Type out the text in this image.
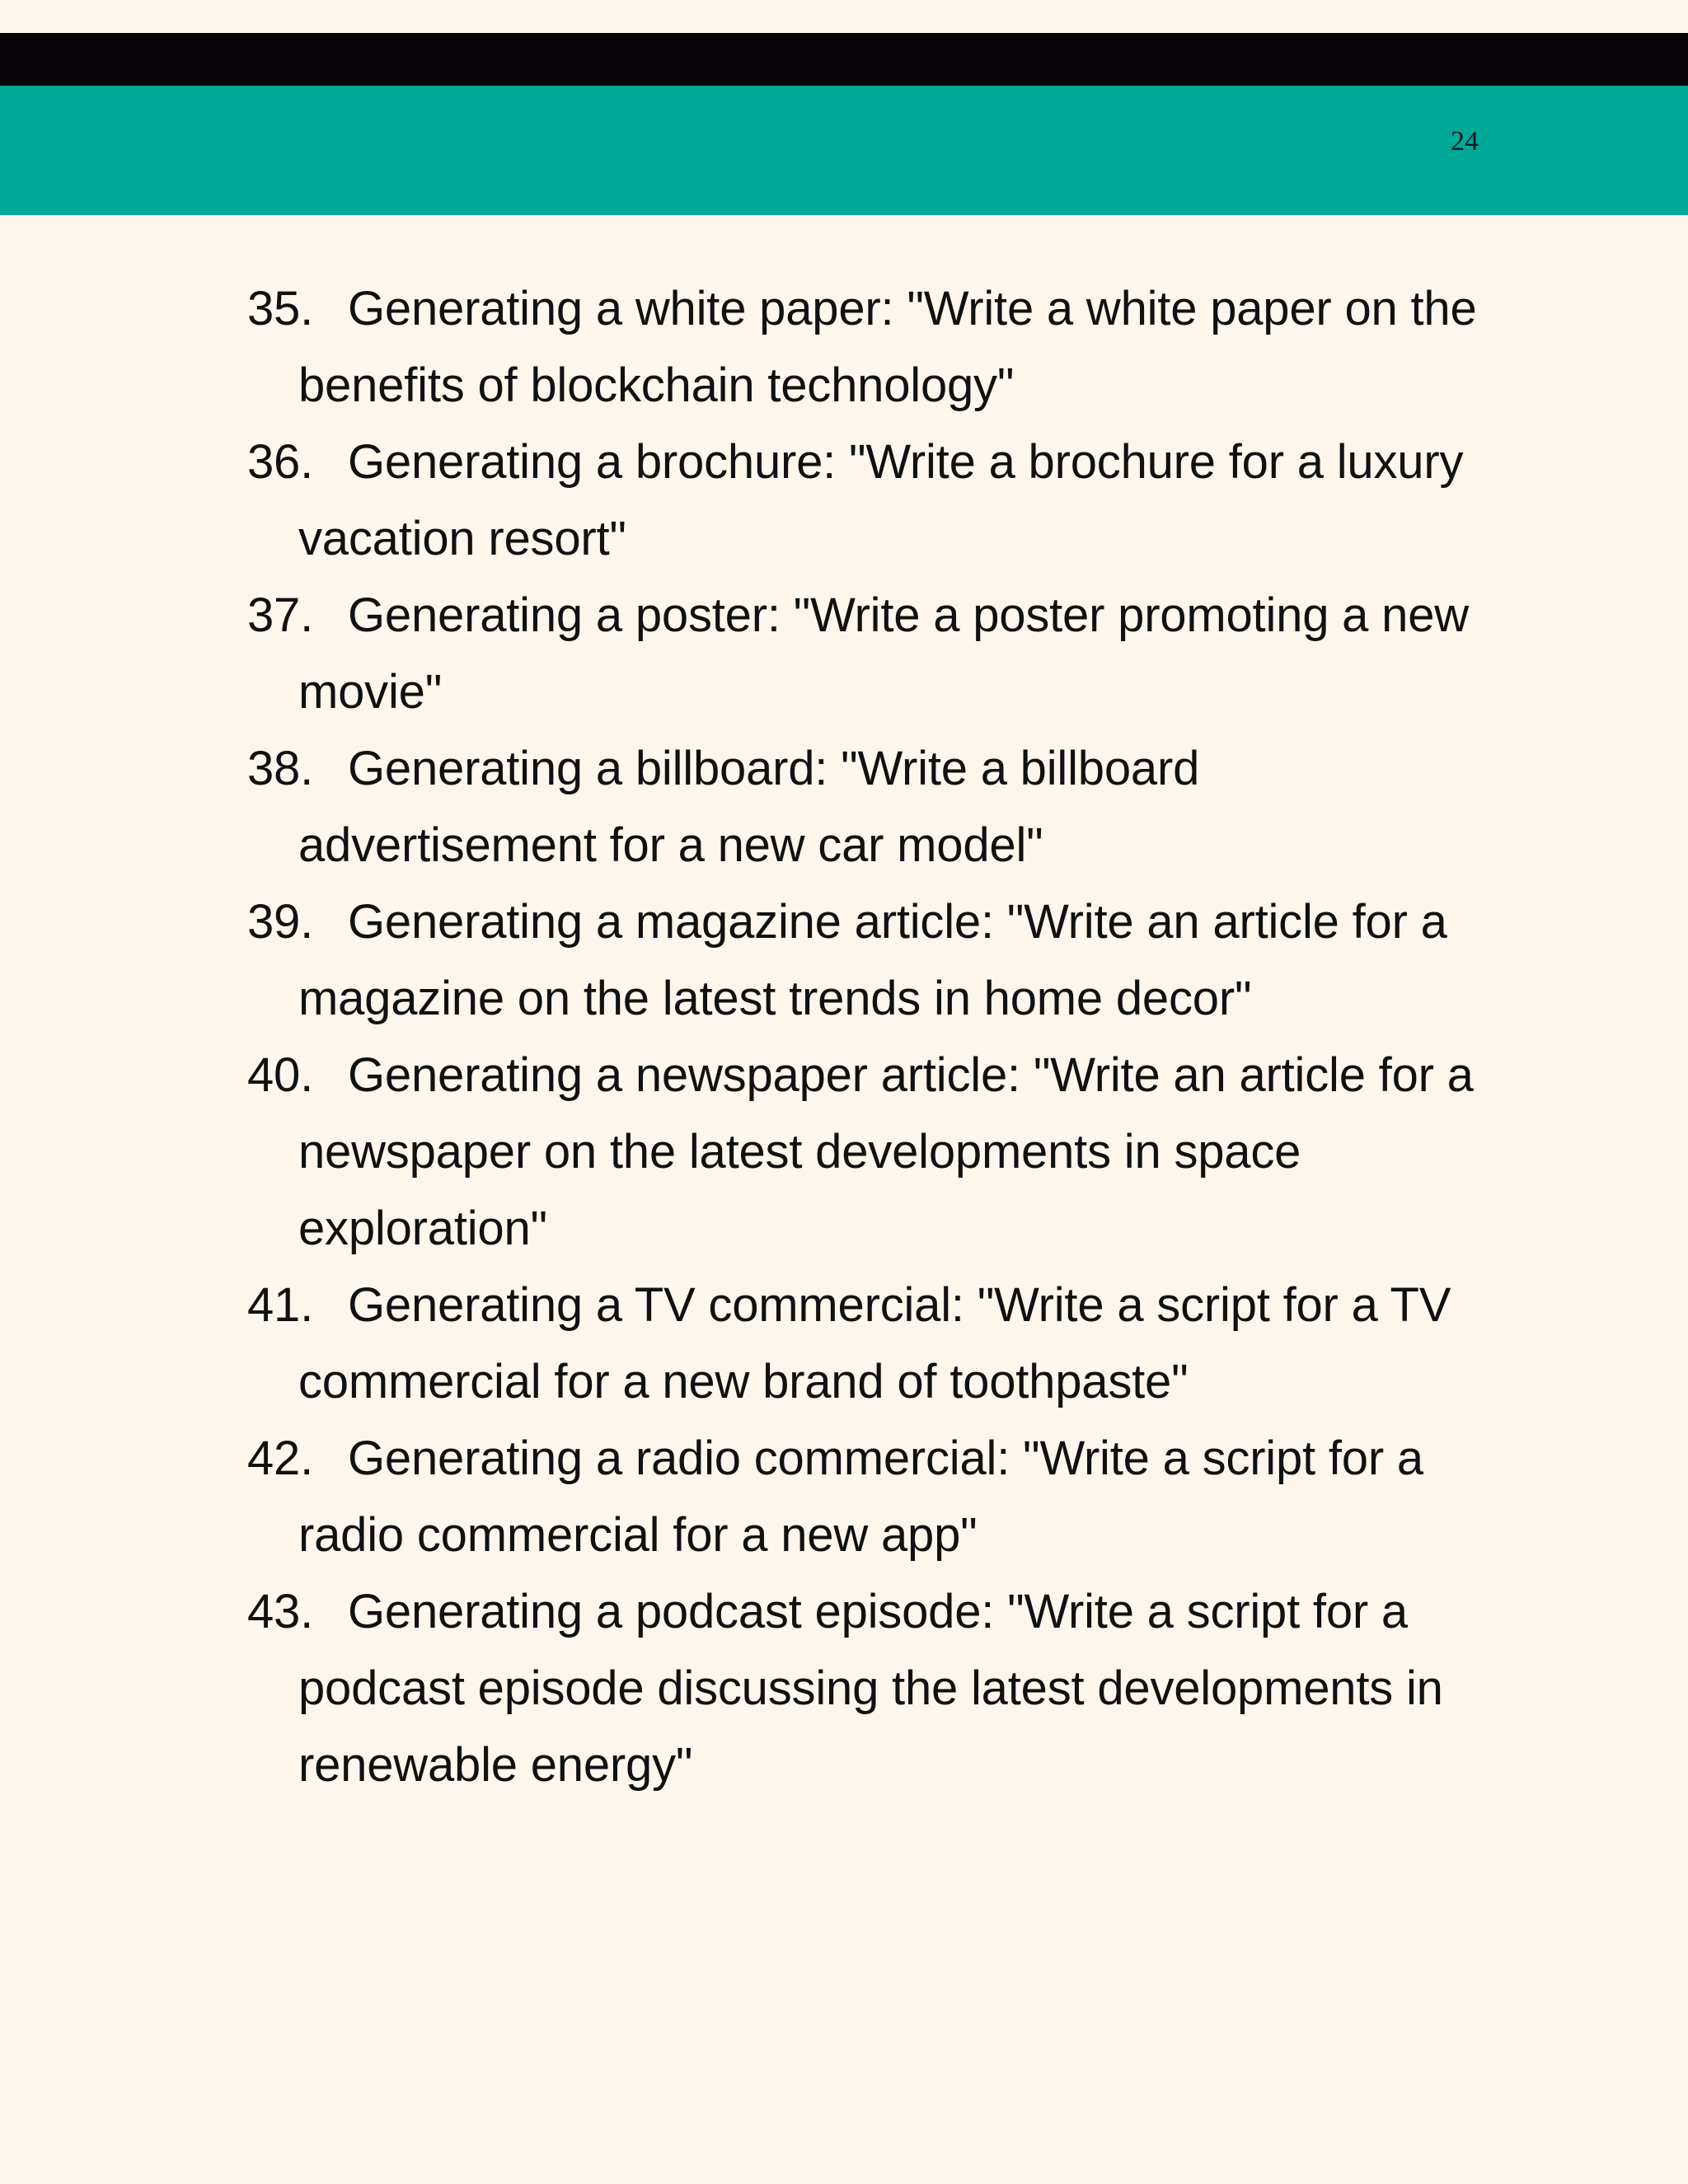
24
35. Generating a white paper: "Write a white paper on the benefits of blockchain technology"
36. Generating a brochure: "Write a brochure for a luxury vacation resort"
37. Generating a poster: "Write a poster promoting a new movie"
38. Generating a billboard: "Write a billboard advertisement for a new car model"
39. Generating a magazine article: "Write an article for a magazine on the latest trends in home decor"
40. Generating a newspaper article: "Write an article for a newspaper on the latest developments in space exploration"
41. Generating a TV commercial: "Write a script for a TV commercial for a new brand of toothpaste"
42. Generating a radio commercial: "Write a script for a radio commercial for a new app"
43. Generating a podcast episode: "Write a script for a podcast episode discussing the latest developments in renewable energy"
